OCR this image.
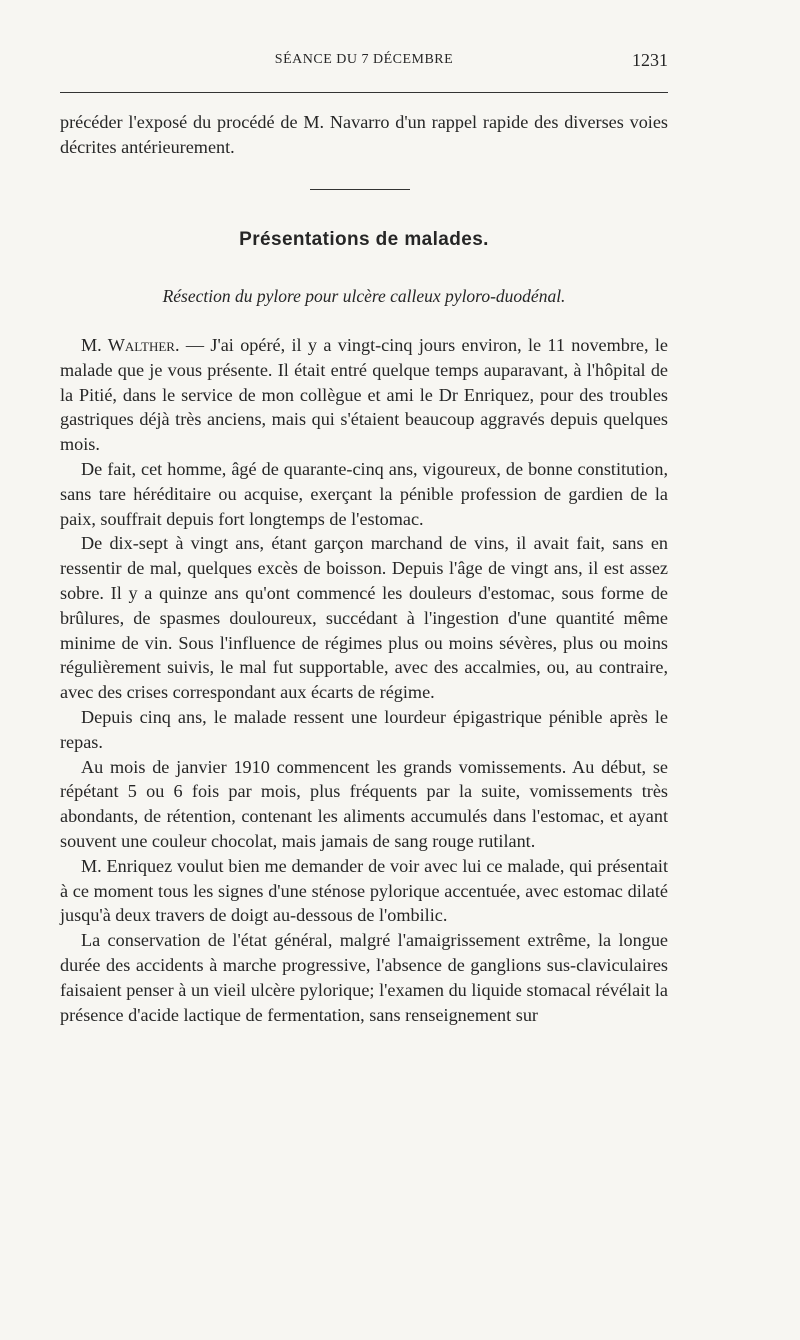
SÉANCE DU 7 DÉCEMBRE	1231

précéder l'exposé du procédé de M. Navarro d'un rappel rapide des diverses voies décrites antérieurement.

Présentations de malades.
Résection du pylore pour ulcère calleux pyloro-duodénal.

M. Walther. — J'ai opéré, il y a vingt-cinq jours environ, le 11 novembre, le malade que je vous présente. Il était entré quelque temps auparavant, à l'hôpital de la Pitié, dans le service de mon collègue et ami le Dr Enriquez, pour des troubles gastriques déjà très anciens, mais qui s'étaient beaucoup aggravés depuis quelques mois.

De fait, cet homme, âgé de quarante-cinq ans, vigoureux, de bonne constitution, sans tare héréditaire ou acquise, exerçant la pénible profession de gardien de la paix, souffrait depuis fort longtemps de l'estomac.

De dix-sept à vingt ans, étant garçon marchand de vins, il avait fait, sans en ressentir de mal, quelques excès de boisson. Depuis l'âge de vingt ans, il est assez sobre. Il y a quinze ans qu'ont commencé les douleurs d'estomac, sous forme de brûlures, de spasmes douloureux, succédant à l'ingestion d'une quantité même minime de vin. Sous l'influence de régimes plus ou moins sévères, plus ou moins régulièrement suivis, le mal fut supportable, avec des accalmies, ou, au contraire, avec des crises correspondant aux écarts de régime.

Depuis cinq ans, le malade ressent une lourdeur épigastrique pénible après le repas.

Au mois de janvier 1910 commencent les grands vomissements. Au début, se répétant 5 ou 6 fois par mois, plus fréquents par la suite, vomissements très abondants, de rétention, contenant les aliments accumulés dans l'estomac, et ayant souvent une couleur chocolat, mais jamais de sang rouge rutilant.

M. Enriquez voulut bien me demander de voir avec lui ce malade, qui présentait à ce moment tous les signes d'une sténose pylorique accentuée, avec estomac dilaté jusqu'à deux travers de doigt au-dessous de l'ombilic.

La conservation de l'état général, malgré l'amaigrissement extrême, la longue durée des accidents à marche progressive, l'absence de ganglions sus-claviculaires faisaient penser à un vieil ulcère pylorique; l'examen du liquide stomacal révélait la présence d'acide lactique de fermentation, sans renseignement sur
